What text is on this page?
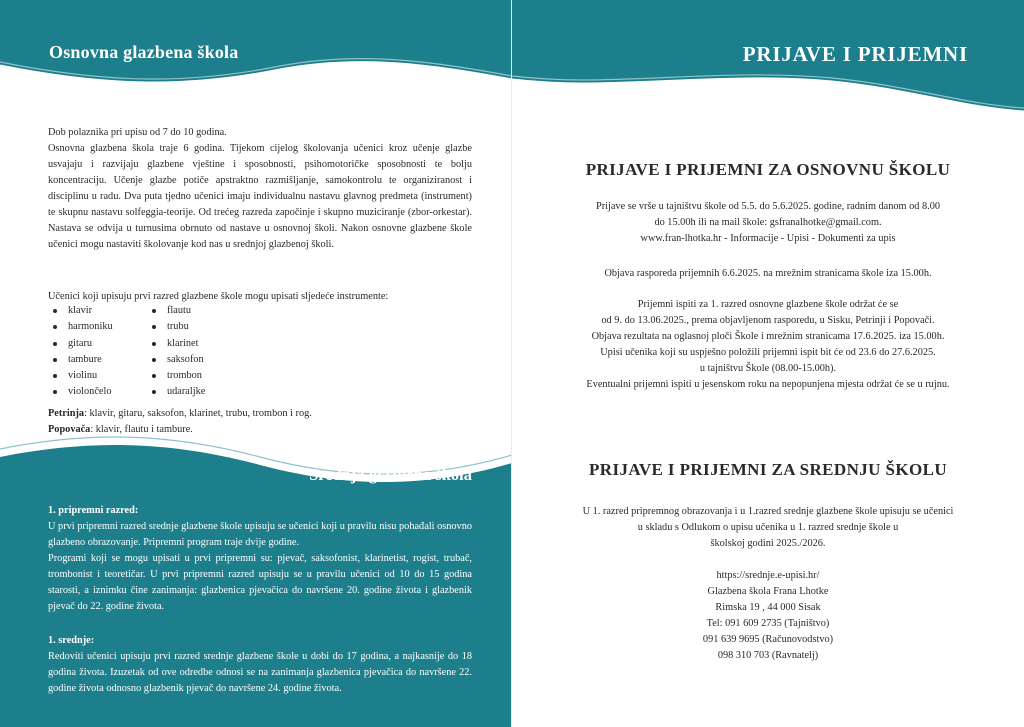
Osnovna glazbena škola

Dob polaznika pri upisu od 7 do 10 godina.

Osnovna glazbena škola traje 6 godina. Tijekom cijelog školovanja učenici kroz učenje glazbe usvajaju i razvijaju glazbene vještine i sposobnosti, psihomotoričke sposobnosti te bolju koncentraciju. Učenje glazbe potiče apstraktno razmišljanje, samokontrolu te organiziranost i disciplinu u radu. Dva puta tjedno učenici imaju individualnu nastavu glavnog predmeta (instrument) te skupnu nastavu solfeggia-teorije. Od trećeg razreda započinje i skupno muziciranje (zbor-orkestar). Nastava se odvija u turnusima obrnuto od nastave u osnovnoj školi. Nakon osnovne glazbene škole učenici mogu nastaviti školovanje kod nas u srednjoj glazbenoj školi.

Učenici koji upisuju prvi razred glazbene škole mogu upisati sljedeće instrumente:
klavir
harmoniku
gitaru
tambure
violinu
violončelo
flautu
trubu
klarinet
saksofon
trombon
udaraljke
Petrinja: klavir, gitaru, saksofon, klarinet, trubu, trombon i rog.
Popovača: klavir, flautu i tambure.
Srednja glazbena škola

1. pripremni razred:

U prvi pripremni razred srednje glazbene škole upisuju se učenici koji u pravilu nisu pohađali osnovno glazbeno obrazovanje. Pripremni program traje dvije godine.

Programi koji se mogu upisati u prvi pripremni su: pjevač, saksofonist, klarinetist, rogist, trubač, trombonist i teoretičar. U prvi pripremni razred upisuju se u pravilu učenici od 10 do 15 godina starosti, a iznimku čine zanimanja: glazbenica pjevačica do navršene 20. godine života i glazbenik pjevač do 22. godine života.

1. srednje:

Redoviti učenici upisuju prvi razred srednje glazbene škole u dobi do 17 godina, a najkasnije do 18 godina života. Izuzetak od ove odredbe odnosi se na zanimanja glazbenica pjevačica do navršene 22. godine života odnosno glazbenik pjevač do navršene 24. godine života.

PRIJAVE I PRIJEMNI
PRIJAVE I PRIJEMNI ZA OSNOVNU ŠKOLU

Prijave se vrše u tajništvu škole od 5.5. do 5.6.2025. godine, radnim danom od 8.00

do 15.00h ili na mail škole: gsfranalhotke@gmail.com.

www.fran-lhotka.hr - Informacije - Upisi - Dokumenti za upis

Objava rasporeda prijemnih 6.6.2025. na mrežnim stranicama škole iza 15.00h.

Prijemni ispiti za 1. razred osnovne glazbene škole održat će se

od 9. do 13.06.2025., prema objavljenom rasporedu, u Sisku, Petrinji i Popovači.

Objava rezultata na oglasnoj ploči Škole i mrežnim stranicama 17.6.2025. iza 15.00h.

Upisi učenika koji su uspješno položili prijemni ispit bit će od 23.6 do 27.6.2025.

u tajništvu Škole (08.00-15.00h).

Eventualni prijemni ispiti u jesenskom roku na nepopunjena mjesta održat će se u rujnu.

PRIJAVE I PRIJEMNI ZA SREDNJU ŠKOLU

U 1. razred pripremnog obrazovanja i u 1.razred srednje glazbene škole upisuju se učenici

u skladu s Odlukom o upisu učenika u 1. razred srednje škole u

školskoj godini 2025./2026.

https://srednje.e-upisi.hr/

Glazbena škola Frana Lhotke

Rimska 19 , 44 000 Sisak

Tel: 091 609 2735 (Tajništvo)

091 639 9695 (Računovodstvo)

098 310 703 (Ravnatelj)
